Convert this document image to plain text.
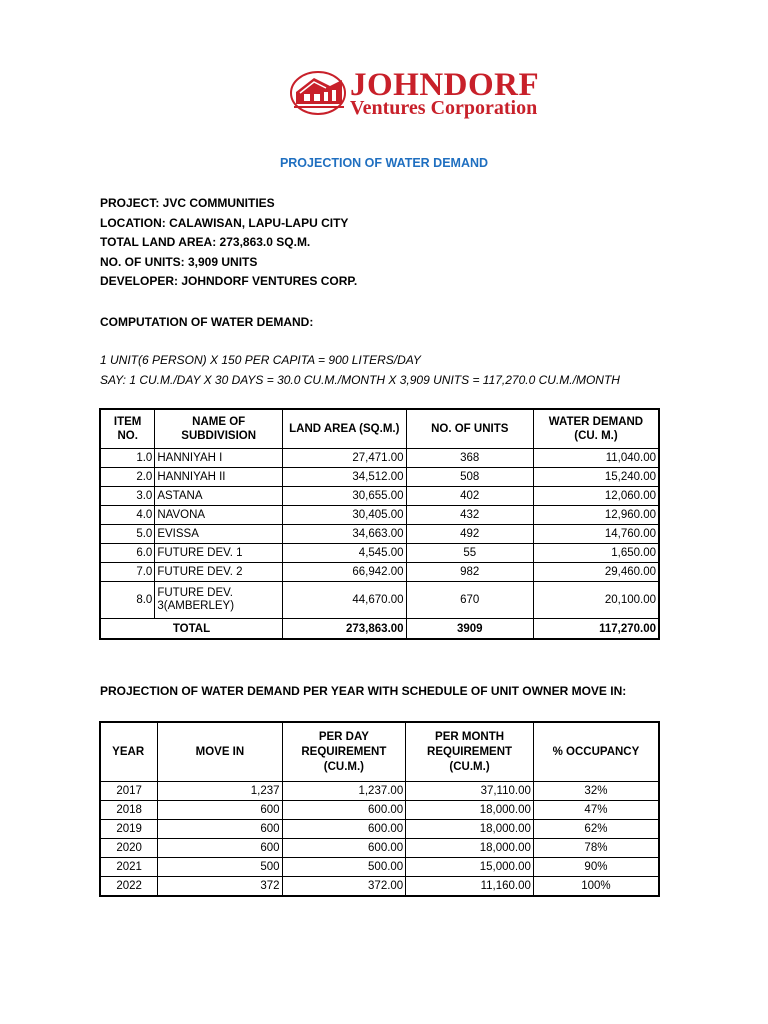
JOHNDORF
Ventures Corporation
PROJECTION OF WATER DEMAND
PROJECT: JVC COMMUNITIES
LOCATION: CALAWISAN, LAPU-LAPU CITY
TOTAL LAND AREA: 273,863.0 SQ.M.
NO. OF UNITS: 3,909 UNITS
DEVELOPER: JOHNDORF VENTURES CORP.
COMPUTATION OF WATER DEMAND:
1 UNIT(6 PERSON) X 150 PER CAPITA = 900 LITERS/DAY
SAY: 1 CU.M./DAY X 30 DAYS = 30.0 CU.M./MONTH X 3,909 UNITS = 117,270.0 CU.M./MONTH
ITEM NO.	NAME OF SUBDIVISION	LAND AREA (SQ.M.)	NO. OF UNITS	WATER DEMAND (CU. M.)
1.0	HANNIYAH I	27,471.00	368	11,040.00
2.0	HANNIYAH II	34,512.00	508	15,240.00
3.0	ASTANA	30,655.00	402	12,060.00
4.0	NAVONA	30,405.00	432	12,960.00
5.0	EVISSA	34,663.00	492	14,760.00
6.0	FUTURE DEV. 1	4,545.00	55	1,650.00
7.0	FUTURE DEV. 2	66,942.00	982	29,460.00
8.0	FUTURE DEV. 3(AMBERLEY)	44,670.00	670	20,100.00
TOTAL		273,863.00	3909	117,270.00
PROJECTION OF WATER DEMAND PER YEAR WITH SCHEDULE OF UNIT OWNER MOVE IN:
YEAR	MOVE IN	PER DAY REQUIREMENT (CU.M.)	PER MONTH REQUIREMENT (CU.M.)	% OCCUPANCY
2017	1,237	1,237.00	37,110.00	32%
2018	600	600.00	18,000.00	47%
2019	600	600.00	18,000.00	62%
2020	600	600.00	18,000.00	78%
2021	500	500.00	15,000.00	90%
2022	372	372.00	11,160.00	100%
